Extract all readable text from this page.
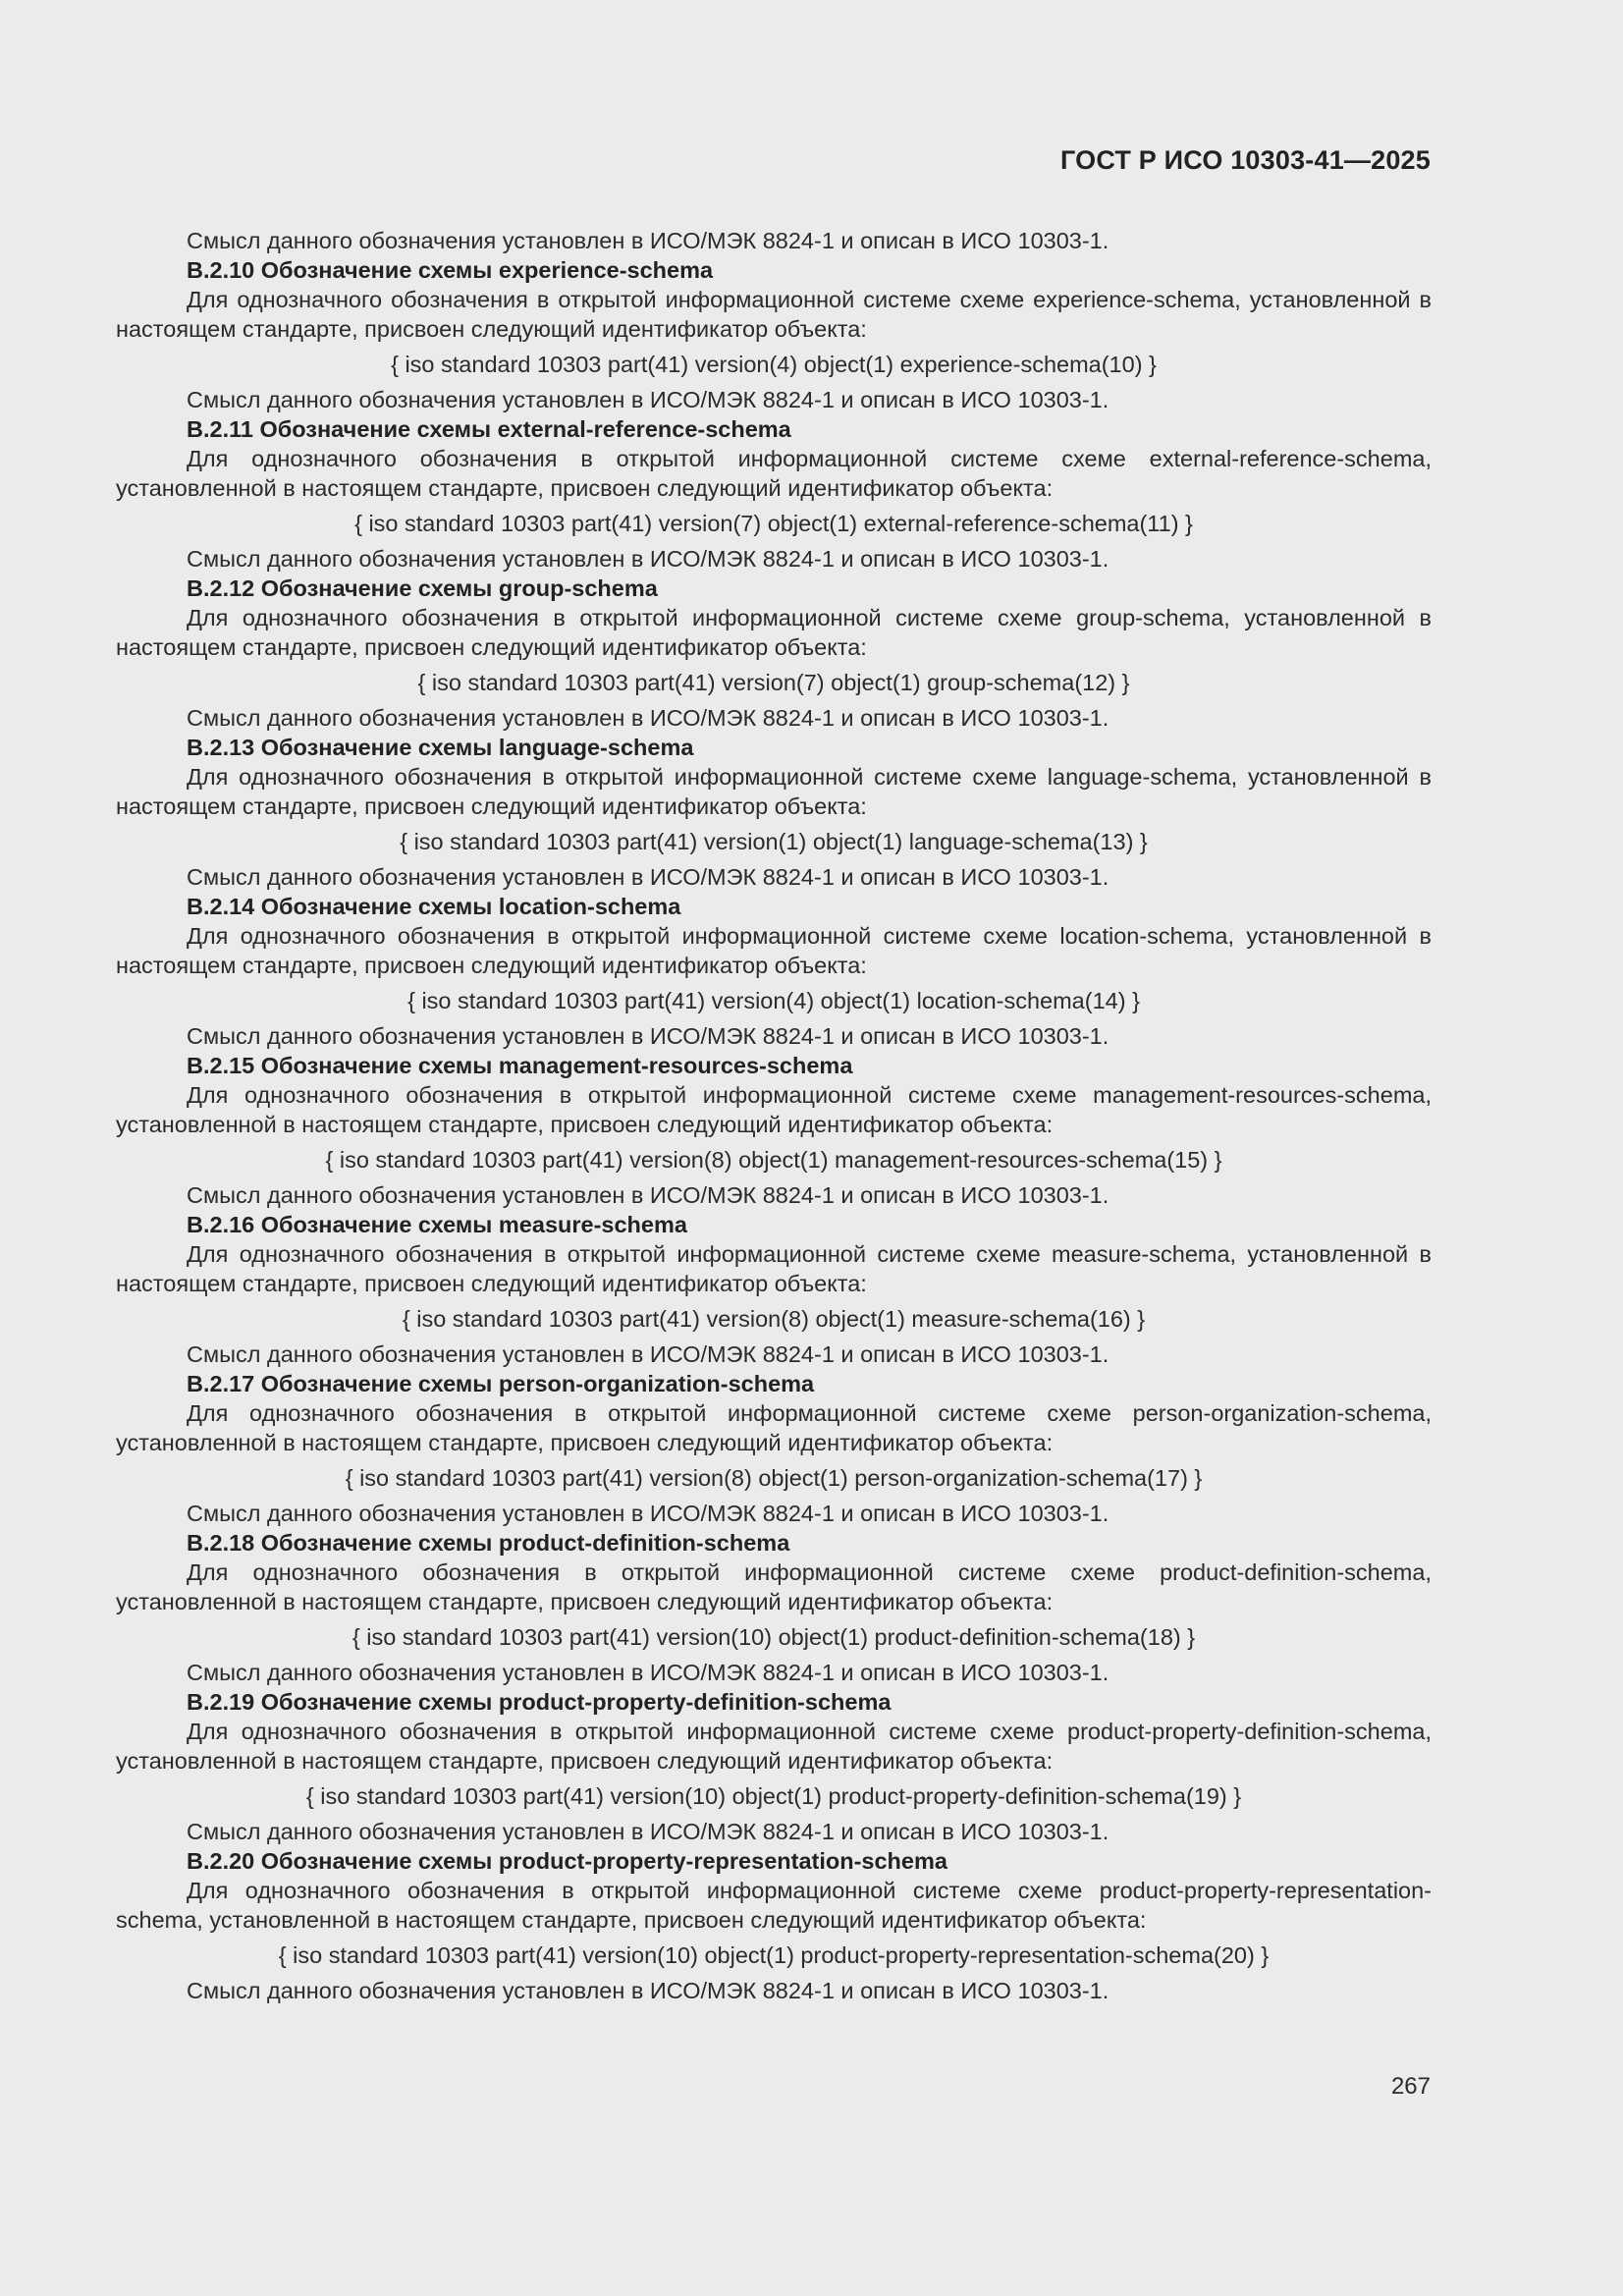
ГОСТ Р ИСО 10303-41—2025

Смысл данного обозначения установлен в ИСО/МЭК 8824-1 и описан в ИСО 10303-1.

B.2.10 Обозначение схемы experience-schema

Для однозначного обозначения в открытой информационной системе схеме experience-schema, установленной в настоящем стандарте, присвоен следующий идентификатор объекта:

{ iso standard 10303 part(41) version(4) object(1) experience-schema(10) }

Смысл данного обозначения установлен в ИСО/МЭК 8824-1 и описан в ИСО 10303-1.

B.2.11 Обозначение схемы external-reference-schema

Для однозначного обозначения в открытой информационной системе схеме external-reference-schema, установленной в настоящем стандарте, присвоен следующий идентификатор объекта:

{ iso standard 10303 part(41) version(7) object(1) external-reference-schema(11) }

Смысл данного обозначения установлен в ИСО/МЭК 8824-1 и описан в ИСО 10303-1.

B.2.12 Обозначение схемы group-schema

Для однозначного обозначения в открытой информационной системе схеме group-schema, установленной в настоящем стандарте, присвоен следующий идентификатор объекта:

{ iso standard 10303 part(41) version(7) object(1) group-schema(12) }

Смысл данного обозначения установлен в ИСО/МЭК 8824-1 и описан в ИСО 10303-1.

B.2.13 Обозначение схемы language-schema

Для однозначного обозначения в открытой информационной системе схеме language-schema, установленной в настоящем стандарте, присвоен следующий идентификатор объекта:

{ iso standard 10303 part(41) version(1) object(1) language-schema(13) }

Смысл данного обозначения установлен в ИСО/МЭК 8824-1 и описан в ИСО 10303-1.

B.2.14 Обозначение схемы location-schema

Для однозначного обозначения в открытой информационной системе схеме location-schema, установленной в настоящем стандарте, присвоен следующий идентификатор объекта:

{ iso standard 10303 part(41) version(4) object(1) location-schema(14) }

Смысл данного обозначения установлен в ИСО/МЭК 8824-1 и описан в ИСО 10303-1.

B.2.15 Обозначение схемы management-resources-schema

Для однозначного обозначения в открытой информационной системе схеме management-resources-schema, установленной в настоящем стандарте, присвоен следующий идентификатор объекта:

{ iso standard 10303 part(41) version(8) object(1) management-resources-schema(15) }

Смысл данного обозначения установлен в ИСО/МЭК 8824-1 и описан в ИСО 10303-1.

B.2.16 Обозначение схемы measure-schema

Для однозначного обозначения в открытой информационной системе схеме measure-schema, установленной в настоящем стандарте, присвоен следующий идентификатор объекта:

{ iso standard 10303 part(41) version(8) object(1) measure-schema(16) }

Смысл данного обозначения установлен в ИСО/МЭК 8824-1 и описан в ИСО 10303-1.

B.2.17 Обозначение схемы person-organization-schema

Для однозначного обозначения в открытой информационной системе схеме person-organization-schema, установленной в настоящем стандарте, присвоен следующий идентификатор объекта:

{ iso standard 10303 part(41) version(8) object(1) person-organization-schema(17) }

Смысл данного обозначения установлен в ИСО/МЭК 8824-1 и описан в ИСО 10303-1.

B.2.18 Обозначение схемы product-definition-schema

Для однозначного обозначения в открытой информационной системе схеме product-definition-schema, установленной в настоящем стандарте, присвоен следующий идентификатор объекта:

{ iso standard 10303 part(41) version(10) object(1) product-definition-schema(18) }

Смысл данного обозначения установлен в ИСО/МЭК 8824-1 и описан в ИСО 10303-1.

B.2.19 Обозначение схемы product-property-definition-schema

Для однозначного обозначения в открытой информационной системе схеме product-property-definition-schema, установленной в настоящем стандарте, присвоен следующий идентификатор объекта:

{ iso standard 10303 part(41) version(10) object(1) product-property-definition-schema(19) }

Смысл данного обозначения установлен в ИСО/МЭК 8824-1 и описан в ИСО 10303-1.

B.2.20 Обозначение схемы product-property-representation-schema

Для однозначного обозначения в открытой информационной системе схеме product-property-representation-schema, установленной в настоящем стандарте, присвоен следующий идентификатор объекта:

{ iso standard 10303 part(41) version(10) object(1) product-property-representation-schema(20) }

Смысл данного обозначения установлен в ИСО/МЭК 8824-1 и описан в ИСО 10303-1.

267
